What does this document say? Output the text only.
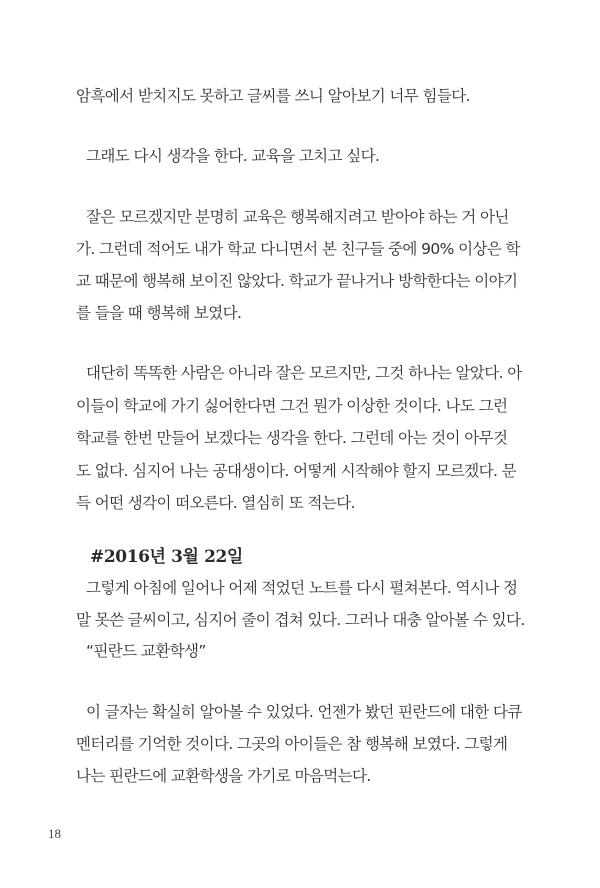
암흑에서 받치지도 못하고 글씨를 쓰니 알아보기 너무 힘들다.
그래도 다시 생각을 한다. 교육을 고치고 싶다.
잘은 모르겠지만 분명히 교육은 행복해지려고 받아야 하는 거 아닌
가. 그런데 적어도 내가 학교 다니면서 본 친구들 중에 90% 이상은 학
교 때문에 행복해 보이진 않았다. 학교가 끝나거나 방학한다는 이야기
를 들을 때 행복해 보였다.
대단히 똑똑한 사람은 아니라 잘은 모르지만, 그것 하나는 알았다. 아
이들이 학교에 가기 싫어한다면 그건 뭔가 이상한 것이다. 나도 그런
학교를 한번 만들어 보겠다는 생각을 한다. 그런데 아는 것이 아무것
도 없다. 심지어 나는 공대생이다. 어떻게 시작해야 할지 모르겠다. 문
득 어떤 생각이 떠오른다. 열심히 또 적는다.
#2016년 3월 22일
그렇게 아침에 일어나 어제 적었던 노트를 다시 펼쳐본다. 역시나 정
말 못쓴 글씨이고, 심지어 줄이 겹쳐 있다. 그러나 대충 알아볼 수 있다.
“핀란드 교환학생”
이 글자는 확실히 알아볼 수 있었다. 언젠가 봤던 핀란드에 대한 다큐
멘터리를 기억한 것이다. 그곳의 아이들은 참 행복해 보였다. 그렇게
나는 핀란드에 교환학생을 가기로 마음먹는다.
18
